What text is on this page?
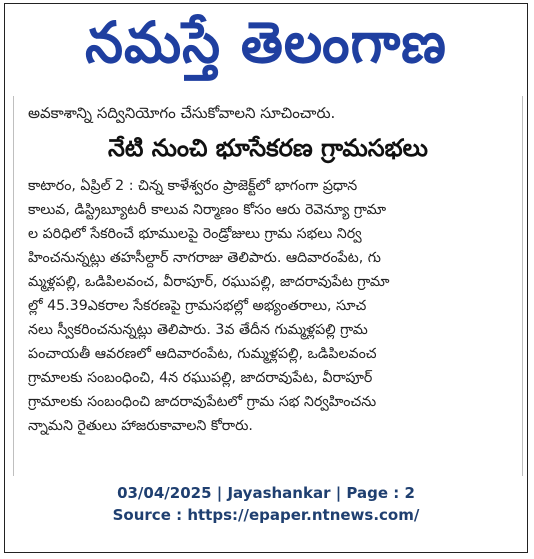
నమస్తే తెలంగాణ
అవకాశాన్ని సద్వినియోగం చేసుకోవాలని సూచించారు.
నేటి నుంచి భూసేకరణ గ్రామసభలు
కాటారం, ఏప్రిల్ 2 : చిన్న కాళేశ్వరం ప్రాజెక్ట్‌లో భాగంగా ప్రధాన
కాలువ, డిస్ట్రిబ్యూటరీ కాలువ నిర్మాణం కోసం ఆరు రెవెన్యూ గ్రామా
ల పరిధిలో సేకరించే భూములపై రెండ్రోజులు గ్రామ సభలు నిర్వ
హించనున్నట్లు తహసీల్దార్ నాగరాజు తెలిపారు. ఆదివారంపేట, గు
మ్మళ్లపల్లి, ఒడిపిలవంచ, వీరాపూర్, రఘుపల్లి, జాదరావుపేట గ్రామా
ల్లో 45.39ఎకరాల సేకరణపై గ్రామసభల్లో అభ్యంతరాలు, సూచ
నలు స్వీకరించనున్నట్లు తెలిపారు. 3వ తేదీన గుమ్మళ్లపల్లి గ్రామ
పంచాయతీ ఆవరణలో ఆదివారంపేట, గుమ్మళ్లపల్లి, ఒడిపిలవంచ
గ్రామాలకు సంబంధించి, 4న రఘుపల్లి, జాదరావుపేట, వీరాపూర్
గ్రామాలకు సంబంధించి జాదరావుపేటలో గ్రామ సభ నిర్వహించను
న్నామని రైతులు హాజరుకావాలని కోరారు.
03/04/2025 | Jayashankar | Page : 2
Source : https://epaper.ntnews.com/
